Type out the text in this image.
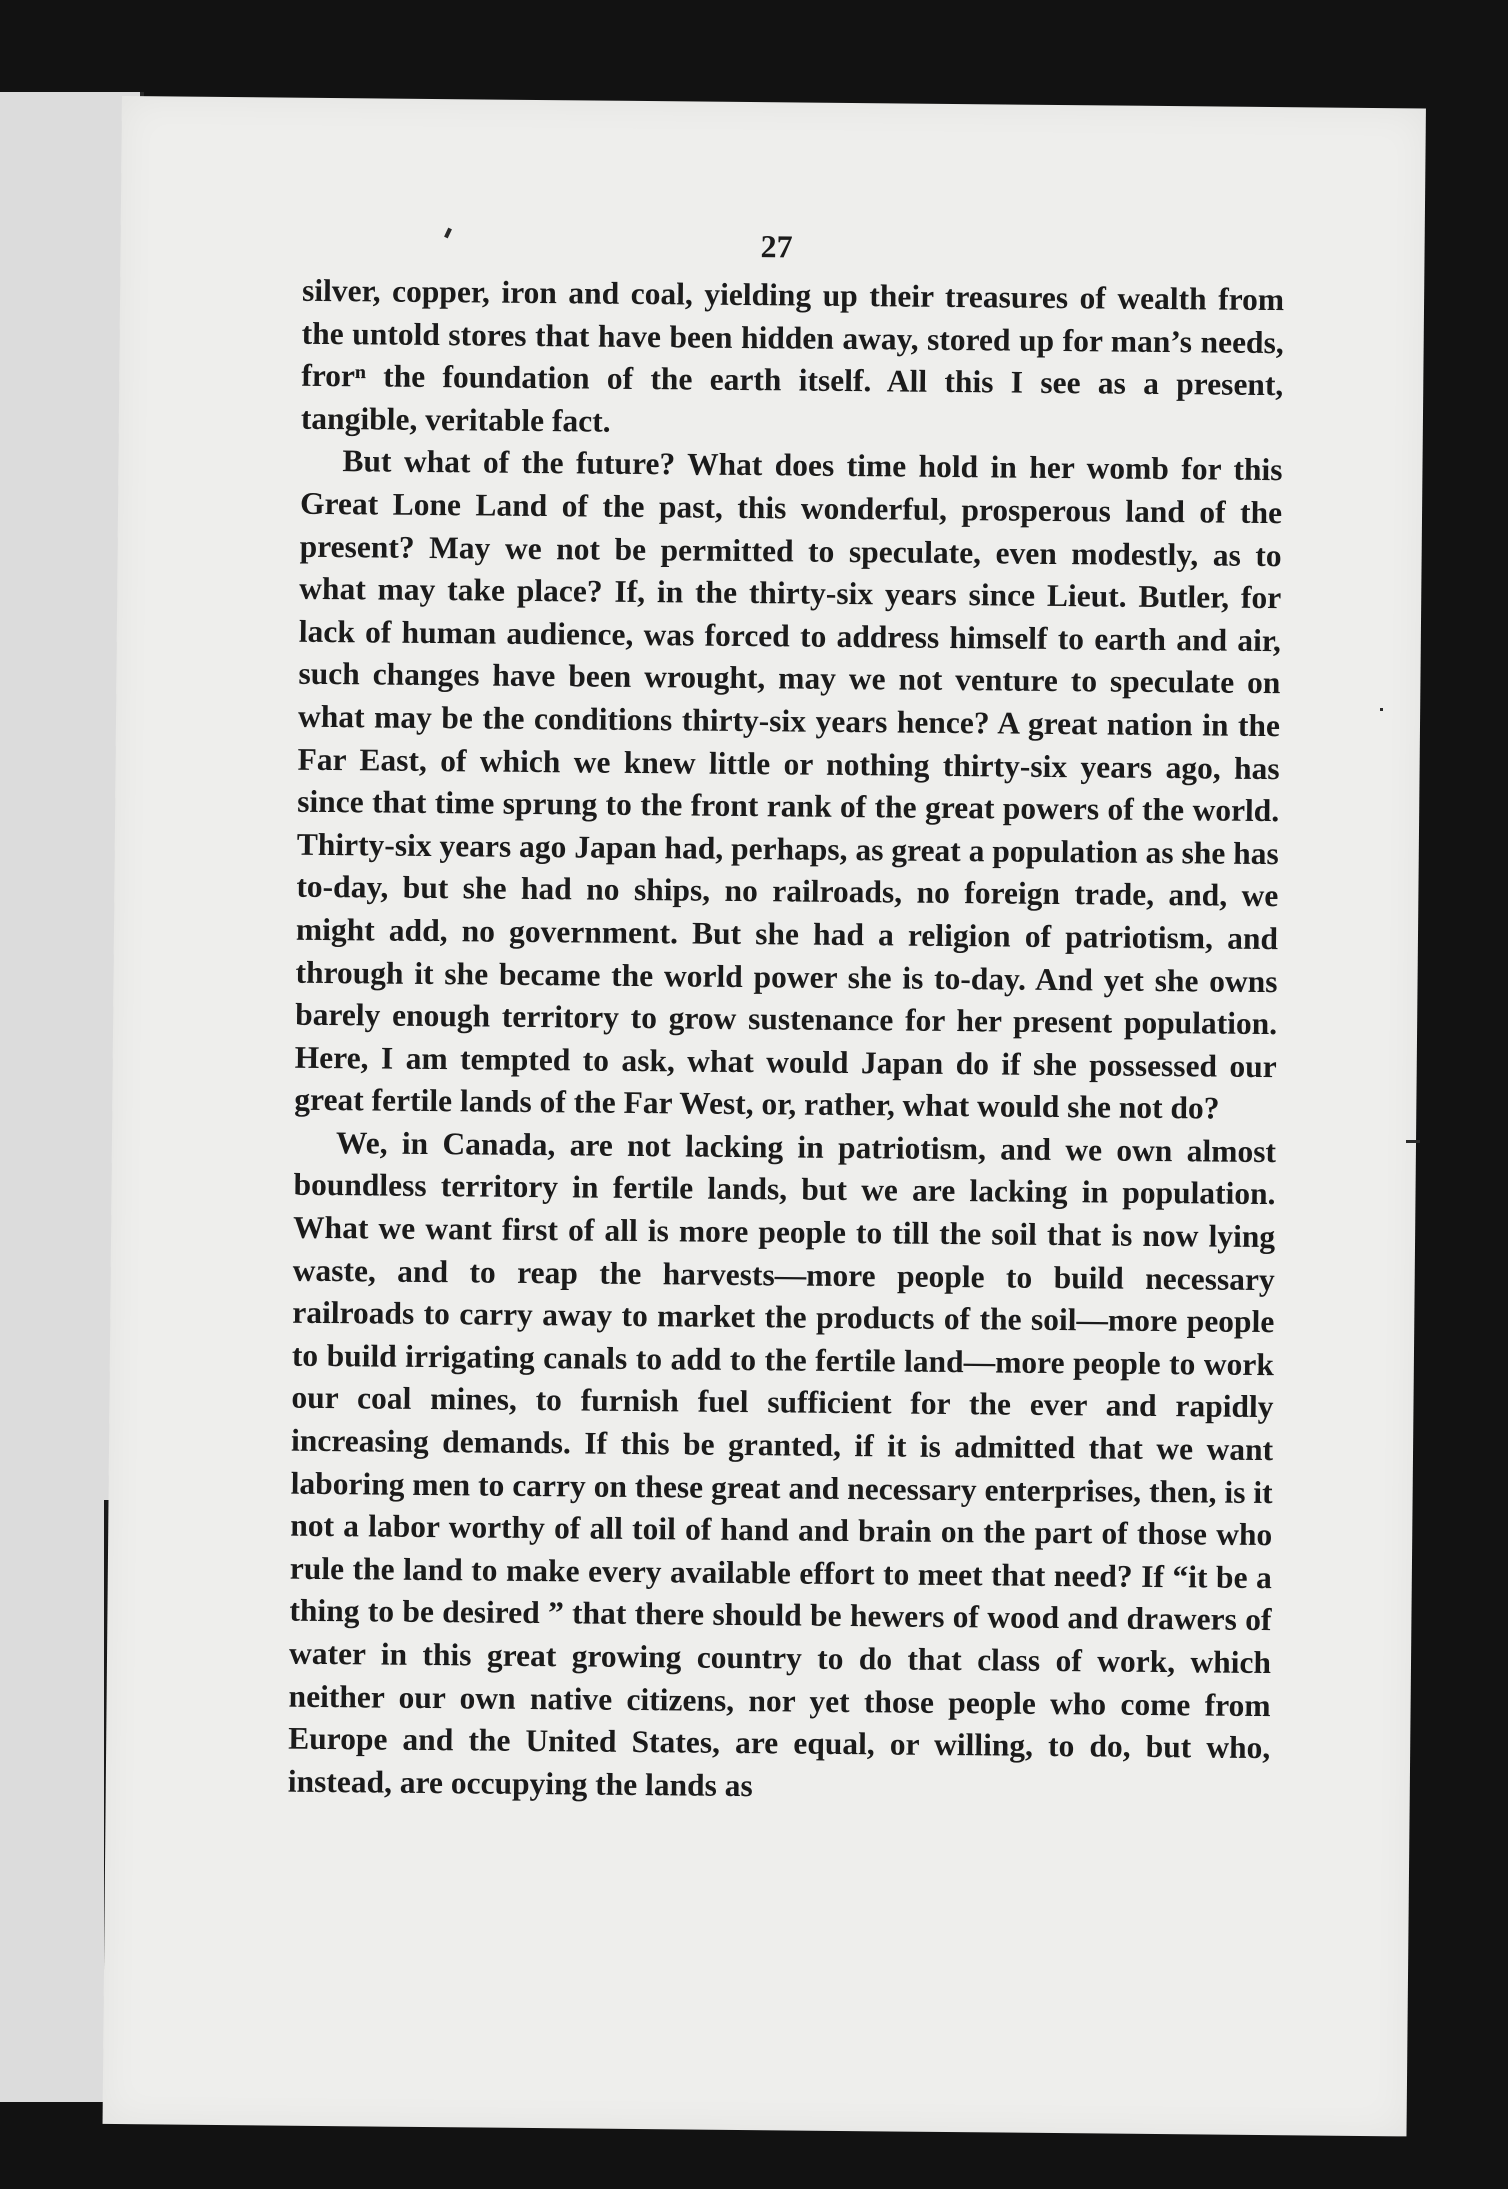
27

silver, copper, iron and coal, yielding up their treasures of wealth from the untold stores that have been hidden away, stored up for man’s needs, frorⁿ the foundation of the earth itself. All this I see as a present, tangible, veritable fact.

But what of the future? What does time hold in her womb for this Great Lone Land of the past, this wonderful, prosperous land of the present? May we not be permitted to speculate, even modestly, as to what may take place? If, in the thirty-six years since Lieut. Butler, for lack of human audience, was forced to address himself to earth and air, such changes have been wrought, may we not venture to speculate on what may be the conditions thirty-six years hence? A great nation in the Far East, of which we knew little or nothing thirty-six years ago, has since that time sprung to the front rank of the great powers of the world. Thirty-six years ago Japan had, perhaps, as great a population as she has to-day, but she had no ships, no railroads, no foreign trade, and, we might add, no government. But she had a religion of patriotism, and through it she became the world power she is to-day. And yet she owns barely enough territory to grow sustenance for her present population. Here, I am tempted to ask, what would Japan do if she possessed our great fertile lands of the Far West, or, rather, what would she not do?

We, in Canada, are not lacking in patriotism, and we own almost boundless territory in fertile lands, but we are lacking in population. What we want first of all is more people to till the soil that is now lying waste, and to reap the harvests—more people to build necessary railroads to carry away to market the products of the soil—more people to build irrigating canals to add to the fertile land—more people to work our coal mines, to furnish fuel sufficient for the ever and rapidly increasing demands. If this be granted, if it is admitted that we want laboring men to carry on these great and necessary enterprises, then, is it not a labor worthy of all toil of hand and brain on the part of those who rule the land to make every available effort to meet that need? If “it be a thing to be desired ” that there should be hewers of wood and drawers of water in this great growing country to do that class of work, which neither our own native citizens, nor yet those people who come from Europe and the United States, are equal, or willing, to do, but who, instead, are occupying the lands as
